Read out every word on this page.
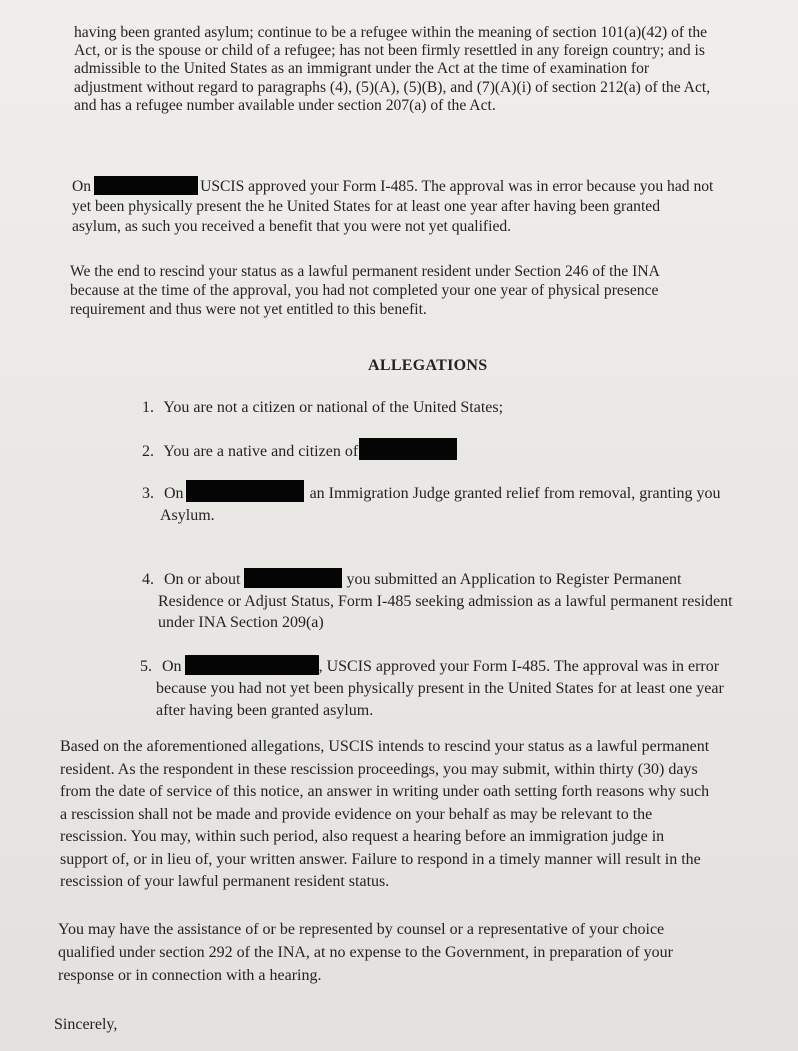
having been granted asylum; continue to be a refugee within the meaning of section 101(a)(42) of the
Act, or is the spouse or child of a refugee; has not been firmly resettled in any foreign country; and is
admissible to the United States as an immigrant under the Act at the time of examination for
adjustment without regard to paragraphs (4), (5)(A), (5)(B), and (7)(A)(i) of section 212(a) of the Act,
and has a refugee number available under section 207(a) of the Act.
On	USCIS approved your Form I-485. The approval was in error because you had not
yet been physically present the he United States for at least one year after having been granted
asylum, as such you received a benefit that you were not yet qualified.
We the end to rescind your status as a lawful permanent resident under Section 246 of the INA
because at the time of the approval, you had not completed your one year of physical presence
requirement and thus were not yet entitled to this benefit.
ALLEGATIONS
1. You are not a citizen or national of the United States;
2. You are a native and citizen of
3. On	an Immigration Judge granted relief from removal, granting you
Asylum.
4. On or about	you submitted an Application to Register Permanent
Residence or Adjust Status, Form I-485 seeking admission as a lawful permanent resident
under INA Section 209(a)
5. On	, USCIS approved your Form I-485. The approval was in error
because you had not yet been physically present in the United States for at least one year
after having been granted asylum.
Based on the aforementioned allegations, USCIS intends to rescind your status as a lawful permanent
resident. As the respondent in these rescission proceedings, you may submit, within thirty (30) days
from the date of service of this notice, an answer in writing under oath setting forth reasons why such
a rescission shall not be made and provide evidence on your behalf as may be relevant to the
rescission. You may, within such period, also request a hearing before an immigration judge in
support of, or in lieu of, your written answer. Failure to respond in a timely manner will result in the
rescission of your lawful permanent resident status.
You may have the assistance of or be represented by counsel or a representative of your choice
qualified under section 292 of the INA, at no expense to the Government, in preparation of your
response or in connection with a hearing.
Sincerely,
